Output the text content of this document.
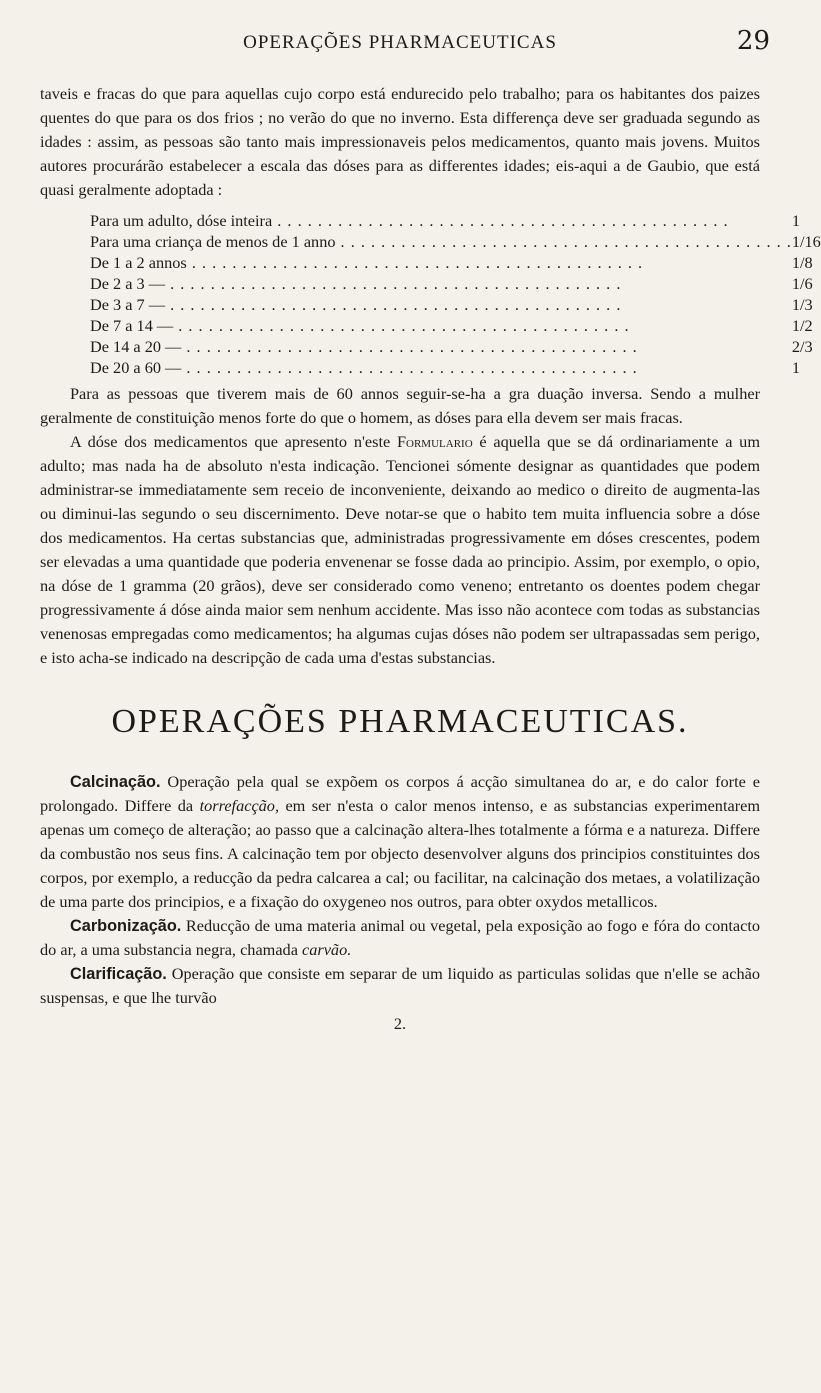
OPERAÇÕES PHARMACEUTICAS	29

taveis e fracas do que para aquellas cujo corpo está endurecido pelo trabalho; para os habitantes dos paizes quentes do que para os dos frios ; no verão do que no inverno. Esta differença deve ser graduada segundo as idades : assim, as pessoas são tanto mais impressionaveis pelos medicamentos, quanto mais jovens. Muitos autores procurárão estabelecer a escala das dóses para as differentes idades; eis-aqui a de Gaubio, que está quasi geralmente adoptada :

Para um adulto, dóse inteira . . .	1
Para uma criança de menos de 1 anno . . .	1/16
De 1 a 2 annos . . .	1/8
De 2 a 3 — . . .	1/6
De 3 a 7 — . . .	1/3
De 7 a 14 — . . .	1/2
De 14 a 20 — . . .	2/3
De 20 a 60 — . . .	1

Para as pessoas que tiverem mais de 60 annos seguir-se-ha a gra duação inversa. Sendo a mulher geralmente de constituição menos forte do que o homem, as dóses para ella devem ser mais fracas.

A dóse dos medicamentos que apresento n'este Formulario é aquella que se dá ordinariamente a um adulto; mas nada ha de absoluto n'esta indicação. Tencionei sómente designar as quantidades que podem administrar-se immediatamente sem receio de inconveniente, deixando ao medico o direito de augmenta-las ou diminui-las segundo o seu discernimento. Deve notar-se que o habito tem muita influencia sobre a dóse dos medicamentos. Ha certas substancias que, administradas progressivamente em dóses crescentes, podem ser elevadas a uma quantidade que poderia envenenar se fosse dada ao principio. Assim, por exemplo, o opio, na dóse de 1 gramma (20 grãos), deve ser considerado como veneno; entretanto os doentes podem chegar progressivamente á dóse ainda maior sem nenhum accidente. Mas isso não acontece com todas as substancias venenosas empregadas como medicamentos; ha algumas cujas dóses não podem ser ultrapassadas sem perigo, e isto acha-se indicado na descripção de cada uma d'estas substancias.

OPERAÇÕES PHARMACEUTICAS.

Calcinação. Operação pela qual se expõem os corpos á acção simultanea do ar, e do calor forte e prolongado. Differe da torrefacção, em ser n'esta o calor menos intenso, e as substancias experimentarem apenas um começo de alteração; ao passo que a calcinação altera-lhes totalmente a fórma e a natureza. Differe da combustão nos seus fins. A calcinação tem por objecto desenvolver alguns dos principios constituintes dos corpos, por exemplo, a reducção da pedra calcarea a cal; ou facilitar, na calcinação dos metaes, a volatilização de uma parte dos principios, e a fixação do oxygeneo nos outros, para obter oxydos metallicos.

Carbonização. Reducção de uma materia animal ou vegetal, pela exposição ao fogo e fóra do contacto do ar, a uma substancia negra, chamada carvão.

Clarificação. Operação que consiste em separar de um liquido as particulas solidas que n'elle se achão suspensas, e que lhe turvão

2.
